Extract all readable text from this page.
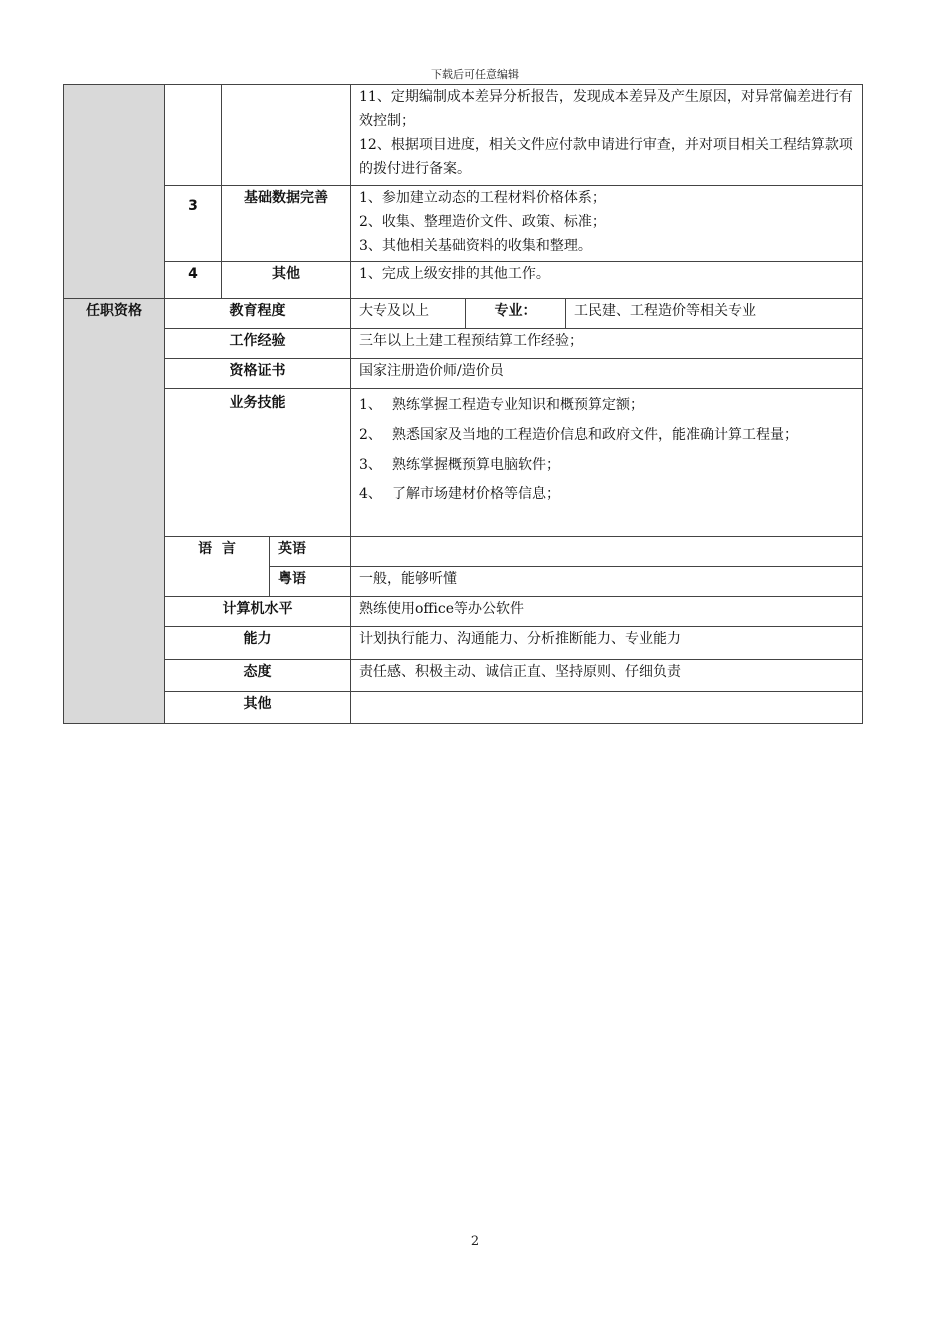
下载后可任意编辑

				11、定期编制成本差异分析报告，发现成本差异及产生原因，对异常偏差进行有效控制；

12、根据项目进度，相关文件应付款申请进行审查，并对项目相关工程结算款项的拨付进行备案。		

	3	基础数据完善		1、参加建立动态的工程材料价格体系；

2、收集、整理造价文件、政策、标准；

3、其他相关基础资料的收集和整理。		

	4	其他		1、完成上级安排的其他工作。		

任职资格	教育程度			大专及以上	专业：	工民建、工程造价等相关专业
	工作经验			三年以上土建工程预结算工作经验；		
	资格证书			国家注册造价师/造价员		
	业务技能			1、 熟练掌握工程造专业知识和概预算定额；

2、 熟悉国家及当地的工程造价信息和政府文件，能准确计算工程量；

3、 熟练掌握概预算电脑软件；

4、 了解市场建材价格等信息；		

	语  言		英语			
			粤语	一般，能够听懂		
	计算机水平			熟练使用office等办公软件		
	能力			计划执行能力、沟通能力、分析推断能力、专业能力		
	态度			责任感、积极主动、诚信正直、坚持原则、仔细负责		
	其他					
2
